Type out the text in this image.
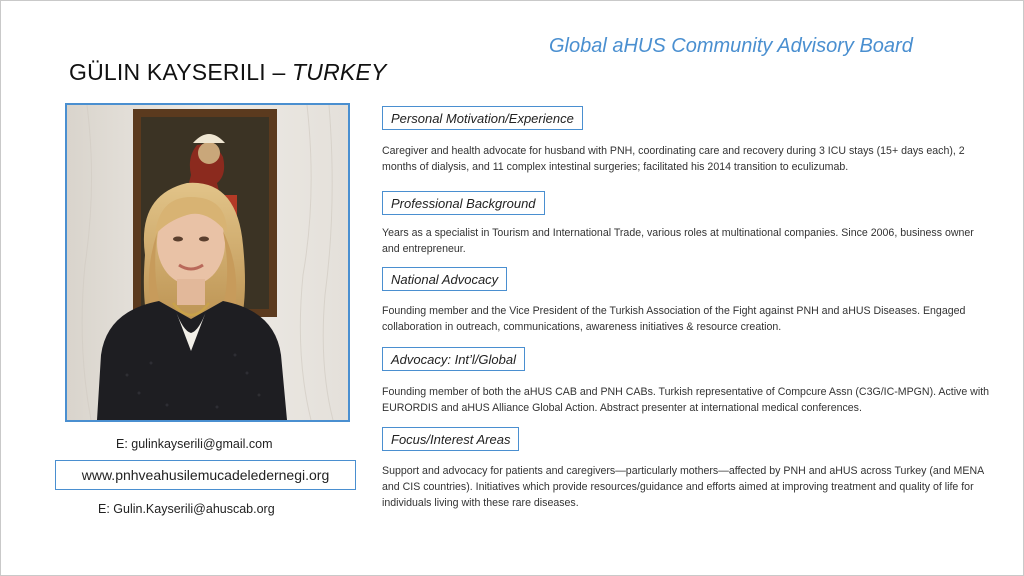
Global aHUS Community Advisory Board
GÜLIN KAYSERILI – TURKEY
E: gulinkayserili@gmail.com
www.pnhveahusilemucadeledernegi.org
E: Gulin.Kayserili@ahuscab.org
Personal Motivation/Experience
Caregiver and health advocate for husband with PNH, coordinating care and recovery during 3 ICU stays (15+ days each), 2 months of dialysis, and 11 complex intestinal surgeries; facilitated his 2014 transition to eculizumab.
Professional Background
Years as a specialist in Tourism and International Trade, various roles at multinational companies. Since 2006, business owner and entrepreneur.
National Advocacy
Founding member and the Vice President of the Turkish Association of the Fight against PNH and aHUS Diseases. Engaged collaboration in outreach, communications, awareness initiatives & resource creation.
Advocacy: Int’l/Global
Founding member of both the aHUS CAB and PNH CABs. Turkish representative of Compcure Assn (C3G/IC-MPGN). Active with EURORDIS and aHUS Alliance Global Action. Abstract presenter at international medical conferences.
Focus/Interest Areas
Support and advocacy for patients and caregivers—particularly mothers—affected by PNH and aHUS across Turkey (and MENA and CIS countries). Initiatives which provide resources/guidance and efforts aimed at improving treatment and quality of life for individuals living with these rare diseases.
